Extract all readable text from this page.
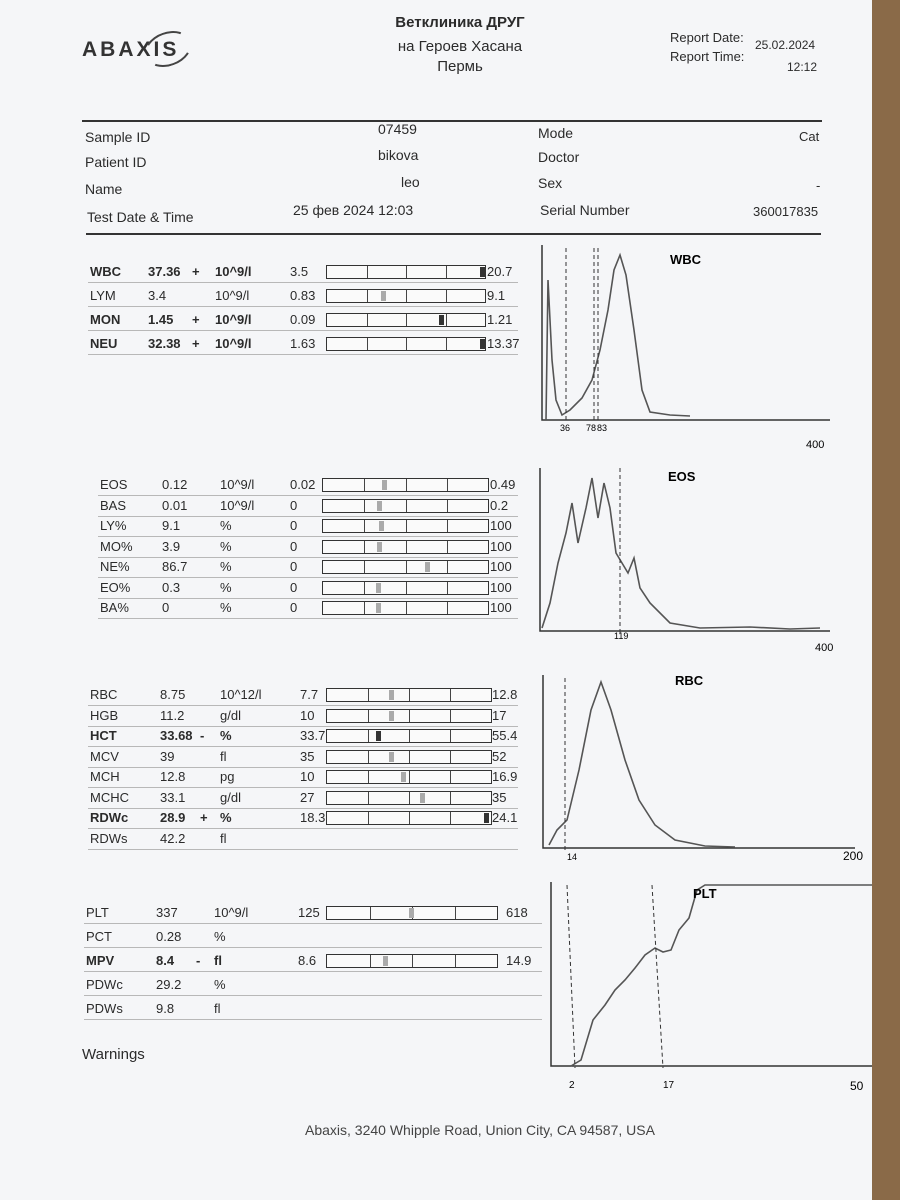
ABAXIS
Ветклиника ДРУГ
на Героев Хасана
Пермь
Report Date: 25.02.2024
Report Time:
12:12
Sample ID	07459
Patient ID	bikova
Name	leo
Test Date & Time	25 фев 2024 12:03
Mode	Cat
Doctor
Sex	-
Serial Number	360017835
WBC 37.36 + 10^9/l	3.5	20.7
LYM 3.4	10^9/l	0.83	9.1
MON 1.45 + 10^9/l	0.09	1.21
NEU 32.38 + 10^9/l	1.63	13.37
EOS	0.12	10^9/l	0.02	0.49
BAS	0.01	10^9/l	0	0.2
LY%	9.1	%	0	100
MO% 3.9	%	0	100
NE% 86.7	%	0	100
EO% 0.3	%	0	100
BA%	0	%	0	100
RBC	8.75	10^12/l	7.7	12.8
HGB	11.2	g/dl	10	17
HCT	33.68 - %	33.7	55.4
MCV	39	fl	35	52
MCH	12.8	pg	10	16.9
MCHC 33.1	g/dl	27	35
RDWc 28.9 + %	18.3	24.1
RDWs 42.2	fl
PLT	337	10^9/l	125	618
PCT	0.28	%
MPV	8.4 - fl	8.6	14.9
PDWc	29.2	%
PDWs	9.8	fl
WBC
36 78 83
400
EOS
119
400
RBC
14	200
PLT
2	17	50
Warnings
Abaxis, 3240 Whipple Road, Union City, CA 94587, USA
